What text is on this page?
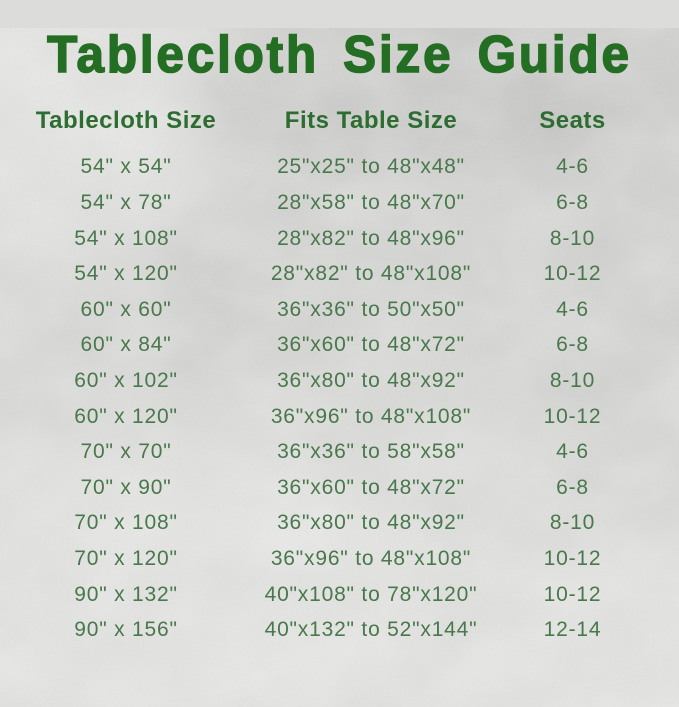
Tablecloth Size Guide
Tablecloth Size	Fits Table Size	Seats
54" x 54"	25"x25" to 48"x48"	4-6
54" x 78"	28"x58" to 48"x70"	6-8
54" x 108"	28"x82" to 48"x96"	8-10
54" x 120"	28"x82" to 48"x108"	10-12
60" x 60"	36"x36" to 50"x50"	4-6
60" x 84"	36"x60" to 48"x72"	6-8
60" x 102"	36"x80" to 48"x92"	8-10
60" x 120"	36"x96" to 48"x108"	10-12
70" x 70"	36"x36" to 58"x58"	4-6
70" x 90"	36"x60" to 48"x72"	6-8
70" x 108"	36"x80" to 48"x92"	8-10
70" x 120"	36"x96" to 48"x108"	10-12
90" x 132"	40"x108" to 78"x120"	10-12
90" x 156"	40"x132" to 52"x144"	12-14
